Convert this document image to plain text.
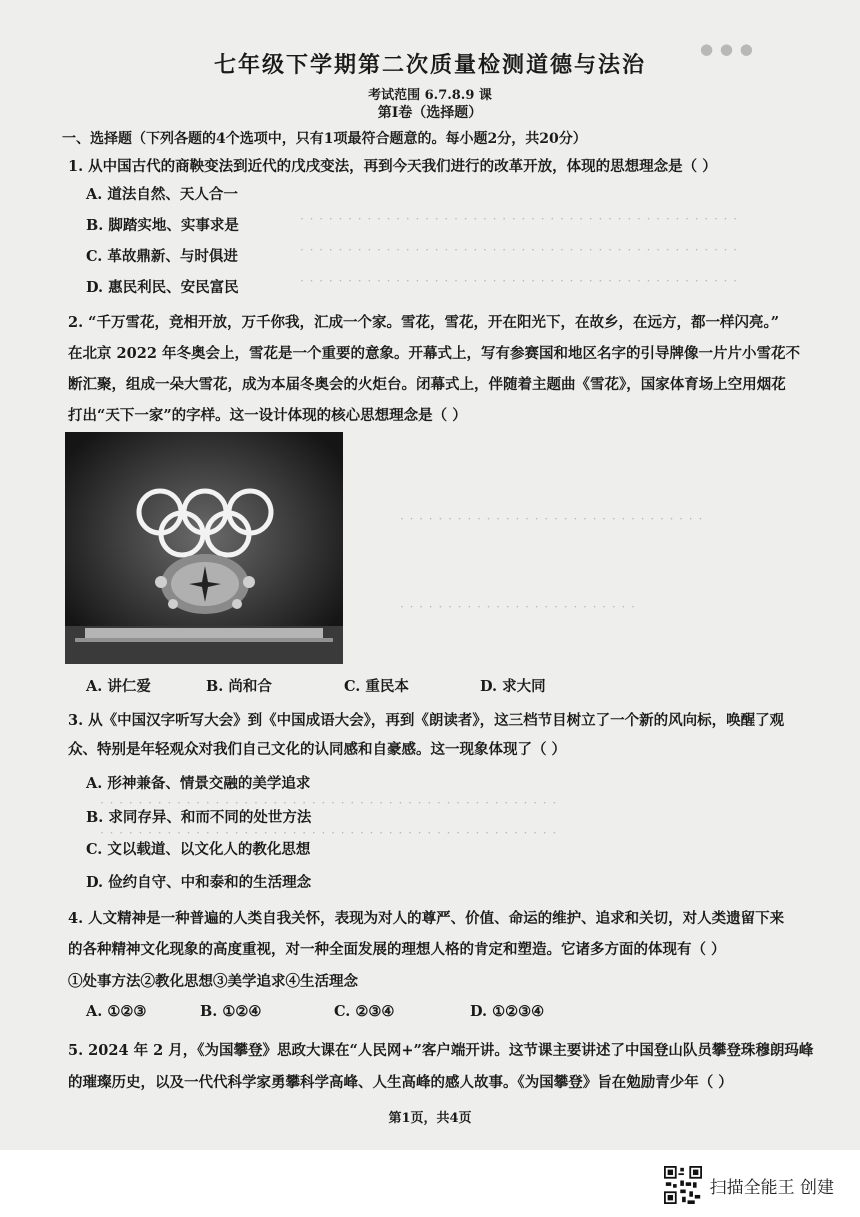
● ● ●
· · · · · · · · · · · · · · · · · · · · · · · · · · · · · · · · · · · · · · · · · · · · · ·
· · · · · · · · · · · · · · · · · · · · · · · · · · · · · · · · · · · · · · · · · · · · · ·
· · · · · · · · · · · · · · · · · · · · · · · · · · · · · · · · · · · · · · · · · · · · · ·
· · · · · · · · · · · · · · · · · · · · · · · · · · · · · · · ·
· · · · · · · · · · · · · · · · · · · · · · · · ·
· · · · · · · · · · · · · · · · · · · · · · · · · · · · · · · · · · · · · · · · · · · · · · · ·
· · · · · · · · · · · · · · · · · · · · · · · · · · · · · · · · · · · · · · · · · · · · · · · ·
七年级下学期第二次质量检测道德与法治
考试范围 6.7.8.9 课
第Ⅰ卷（选择题）
一、选择题（下列各题的4个选项中，只有1项最符合题意的。每小题2分，共20分）
1. 从中国古代的商鞅变法到近代的戊戌变法，再到今天我们进行的改革开放，体现的思想理念是（ ）
A. 道法自然、天人合一
B. 脚踏实地、实事求是
C. 革故鼎新、与时俱进
D. 惠民利民、安民富民
2. “千万雪花，竞相开放，万千你我，汇成一个家。雪花，雪花，开在阳光下，在故乡，在远方，都一样闪亮。”
在北京 2022 年冬奥会上，雪花是一个重要的意象。开幕式上，写有参赛国和地区名字的引导牌像一片片小雪花不
断汇聚，组成一朵大雪花，成为本届冬奥会的火炬台。闭幕式上，伴随着主题曲《雪花》，国家体育场上空用烟花
打出“天下一家”的字样。这一设计体现的核心思想理念是（ ）
A. 讲仁爱	B. 尚和合	C. 重民本	D. 求大同
3. 从《中国汉字听写大会》到《中国成语大会》，再到《朗读者》，这三档节目树立了一个新的风向标，唤醒了观
众、特别是年轻观众对我们自己文化的认同感和自豪感。这一现象体现了（ ）
A. 形神兼备、情景交融的美学追求
B. 求同存异、和而不同的处世方法
C. 文以载道、以文化人的教化思想
D. 俭约自守、中和泰和的生活理念
4. 人文精神是一种普遍的人类自我关怀，表现为对人的尊严、价值、命运的维护、追求和关切，对人类遗留下来
的各种精神文化现象的高度重视，对一种全面发展的理想人格的肯定和塑造。它诸多方面的体现有（ ）
①处事方法②教化思想③美学追求④生活理念
A. ①②③	B. ①②④	C. ②③④	D. ①②③④
5. 2024 年 2 月，《为国攀登》思政大课在“人民网+”客户端开讲。这节课主要讲述了中国登山队员攀登珠穆朗玛峰
的璀璨历史，以及一代代科学家勇攀科学高峰、人生高峰的感人故事。《为国攀登》旨在勉励青少年（ ）
第1页，共4页
扫描全能王 创建
